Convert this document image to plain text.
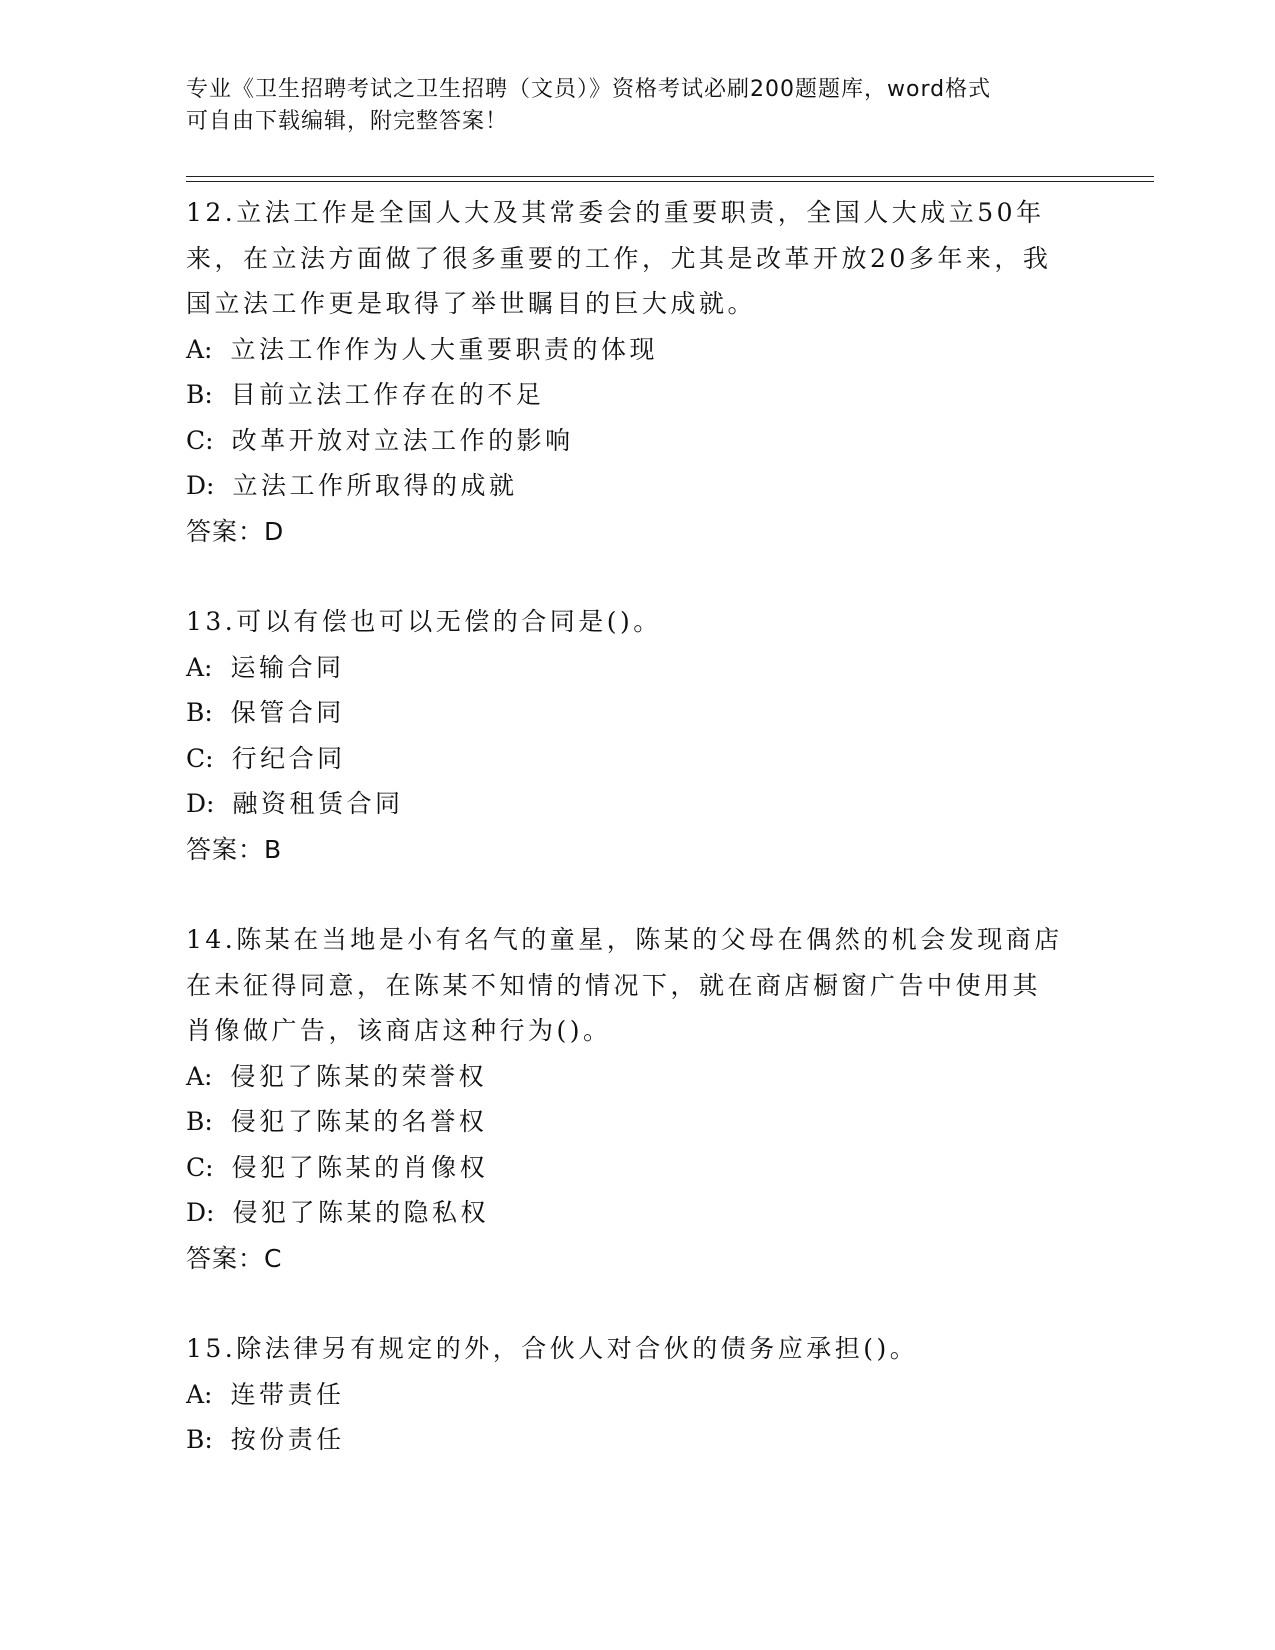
专业《卫生招聘考试之卫生招聘（文员）》资格考试必刷200题题库，word格式
可自由下载编辑，附完整答案！
12.立法工作是全国人大及其常委会的重要职责，全国人大成立50年
来，在立法方面做了很多重要的工作，尤其是改革开放20多年来，我
国立法工作更是取得了举世瞩目的巨大成就。
A: 立法工作作为人大重要职责的体现
B: 目前立法工作存在的不足
C: 改革开放对立法工作的影响
D: 立法工作所取得的成就
答案：D
13.可以有偿也可以无偿的合同是()。
A: 运输合同
B: 保管合同
C: 行纪合同
D: 融资租赁合同
答案：B
14.陈某在当地是小有名气的童星，陈某的父母在偶然的机会发现商店
在未征得同意，在陈某不知情的情况下，就在商店橱窗广告中使用其
肖像做广告，该商店这种行为()。
A: 侵犯了陈某的荣誉权
B: 侵犯了陈某的名誉权
C: 侵犯了陈某的肖像权
D: 侵犯了陈某的隐私权
答案：C
15.除法律另有规定的外，合伙人对合伙的债务应承担()。
A: 连带责任
B: 按份责任
